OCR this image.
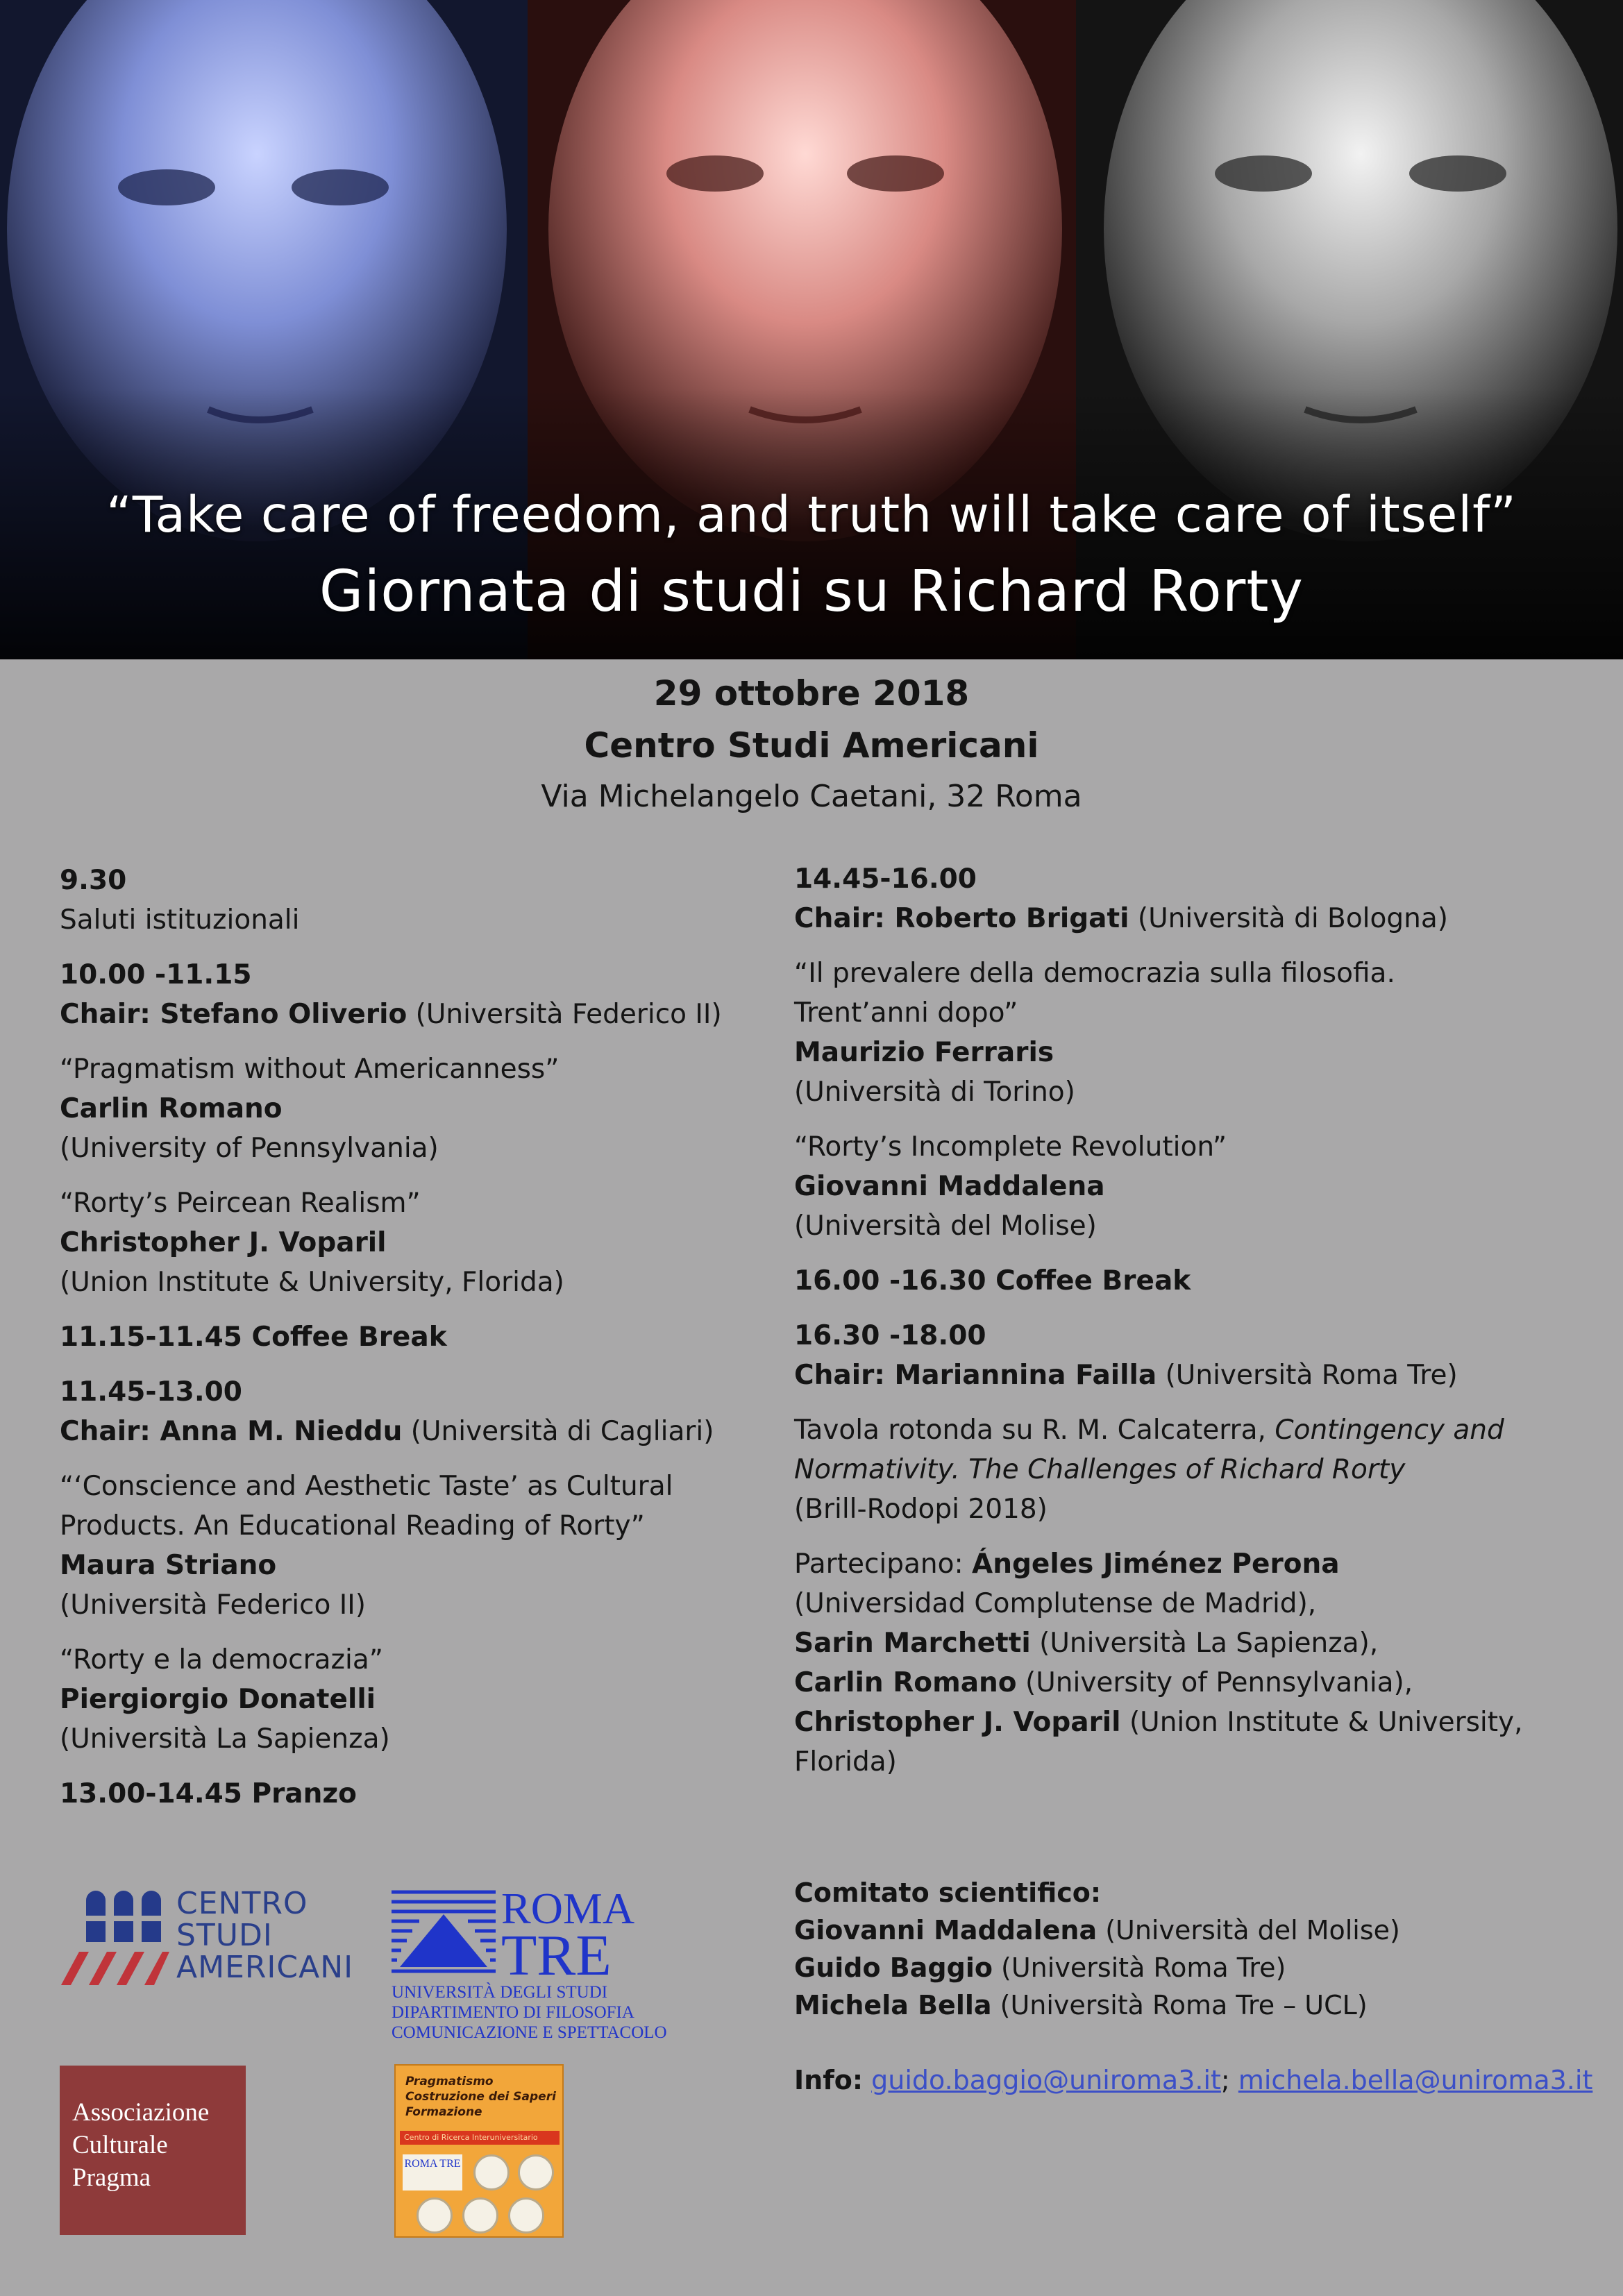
“Take care of freedom, and truth will take care of itself”
Giornata di studi su Richard Rorty
29 ottobre 2018
Centro Studi Americani
Via Michelangelo Caetani, 32 Roma
9.30
Saluti istituzionali
10.00 -11.15
Chair: Stefano Oliverio (Università Federico II)
“Pragmatism without Americanness”
Carlin Romano
(University of Pennsylvania)
“Rorty’s Peircean Realism”
Christopher J. Voparil
(Union Institute & University, Florida)
11.15-11.45 Coffee Break
11.45-13.00
Chair: Anna M. Nieddu (Università di Cagliari)
“‘Conscience and Aesthetic Taste’ as Cultural
Products. An Educational Reading of Rorty”
Maura Striano
(Università Federico II)
“Rorty e la democrazia”
Piergiorgio Donatelli
(Università La Sapienza)
13.00-14.45 Pranzo
14.45-16.00
Chair: Roberto Brigati (Università di Bologna)
“Il prevalere della democrazia sulla filosofia.
Trent’anni dopo”
Maurizio Ferraris
(Università di Torino)
“Rorty’s Incomplete Revolution”
Giovanni Maddalena
(Università del Molise)
16.00 -16.30 Coffee Break
16.30 -18.00
Chair: Mariannina Failla (Università Roma Tre)
Tavola rotonda su R. M. Calcaterra, Contingency and
Normativity. The Challenges of Richard Rorty
(Brill-Rodopi 2018)
Partecipano: Ángeles Jiménez Perona
(Universidad Complutense de Madrid),
Sarin Marchetti (Università La Sapienza),
Carlin Romano (University of Pennsylvania),
Christopher J. Voparil (Union Institute & University,
Florida)
CENTRO
STUDI
AMERICANI
ROMA
TRE
UNIVERSITÀ DEGLI STUDI
DIPARTIMENTO DI FILOSOFIA
COMUNICAZIONE E SPETTACOLO
Associazione
Culturale
Pragma
Pragmatismo
Costruzione dei Saperi
Formazione
Centro di Ricerca Interuniversitario
ROMA TRE
Comitato scientifico:
Giovanni Maddalena (Università del Molise)
Guido Baggio (Università Roma Tre)
Michela Bella (Università Roma Tre – UCL)
Info: guido.baggio@uniroma3.it; michela.bella@uniroma3.it
